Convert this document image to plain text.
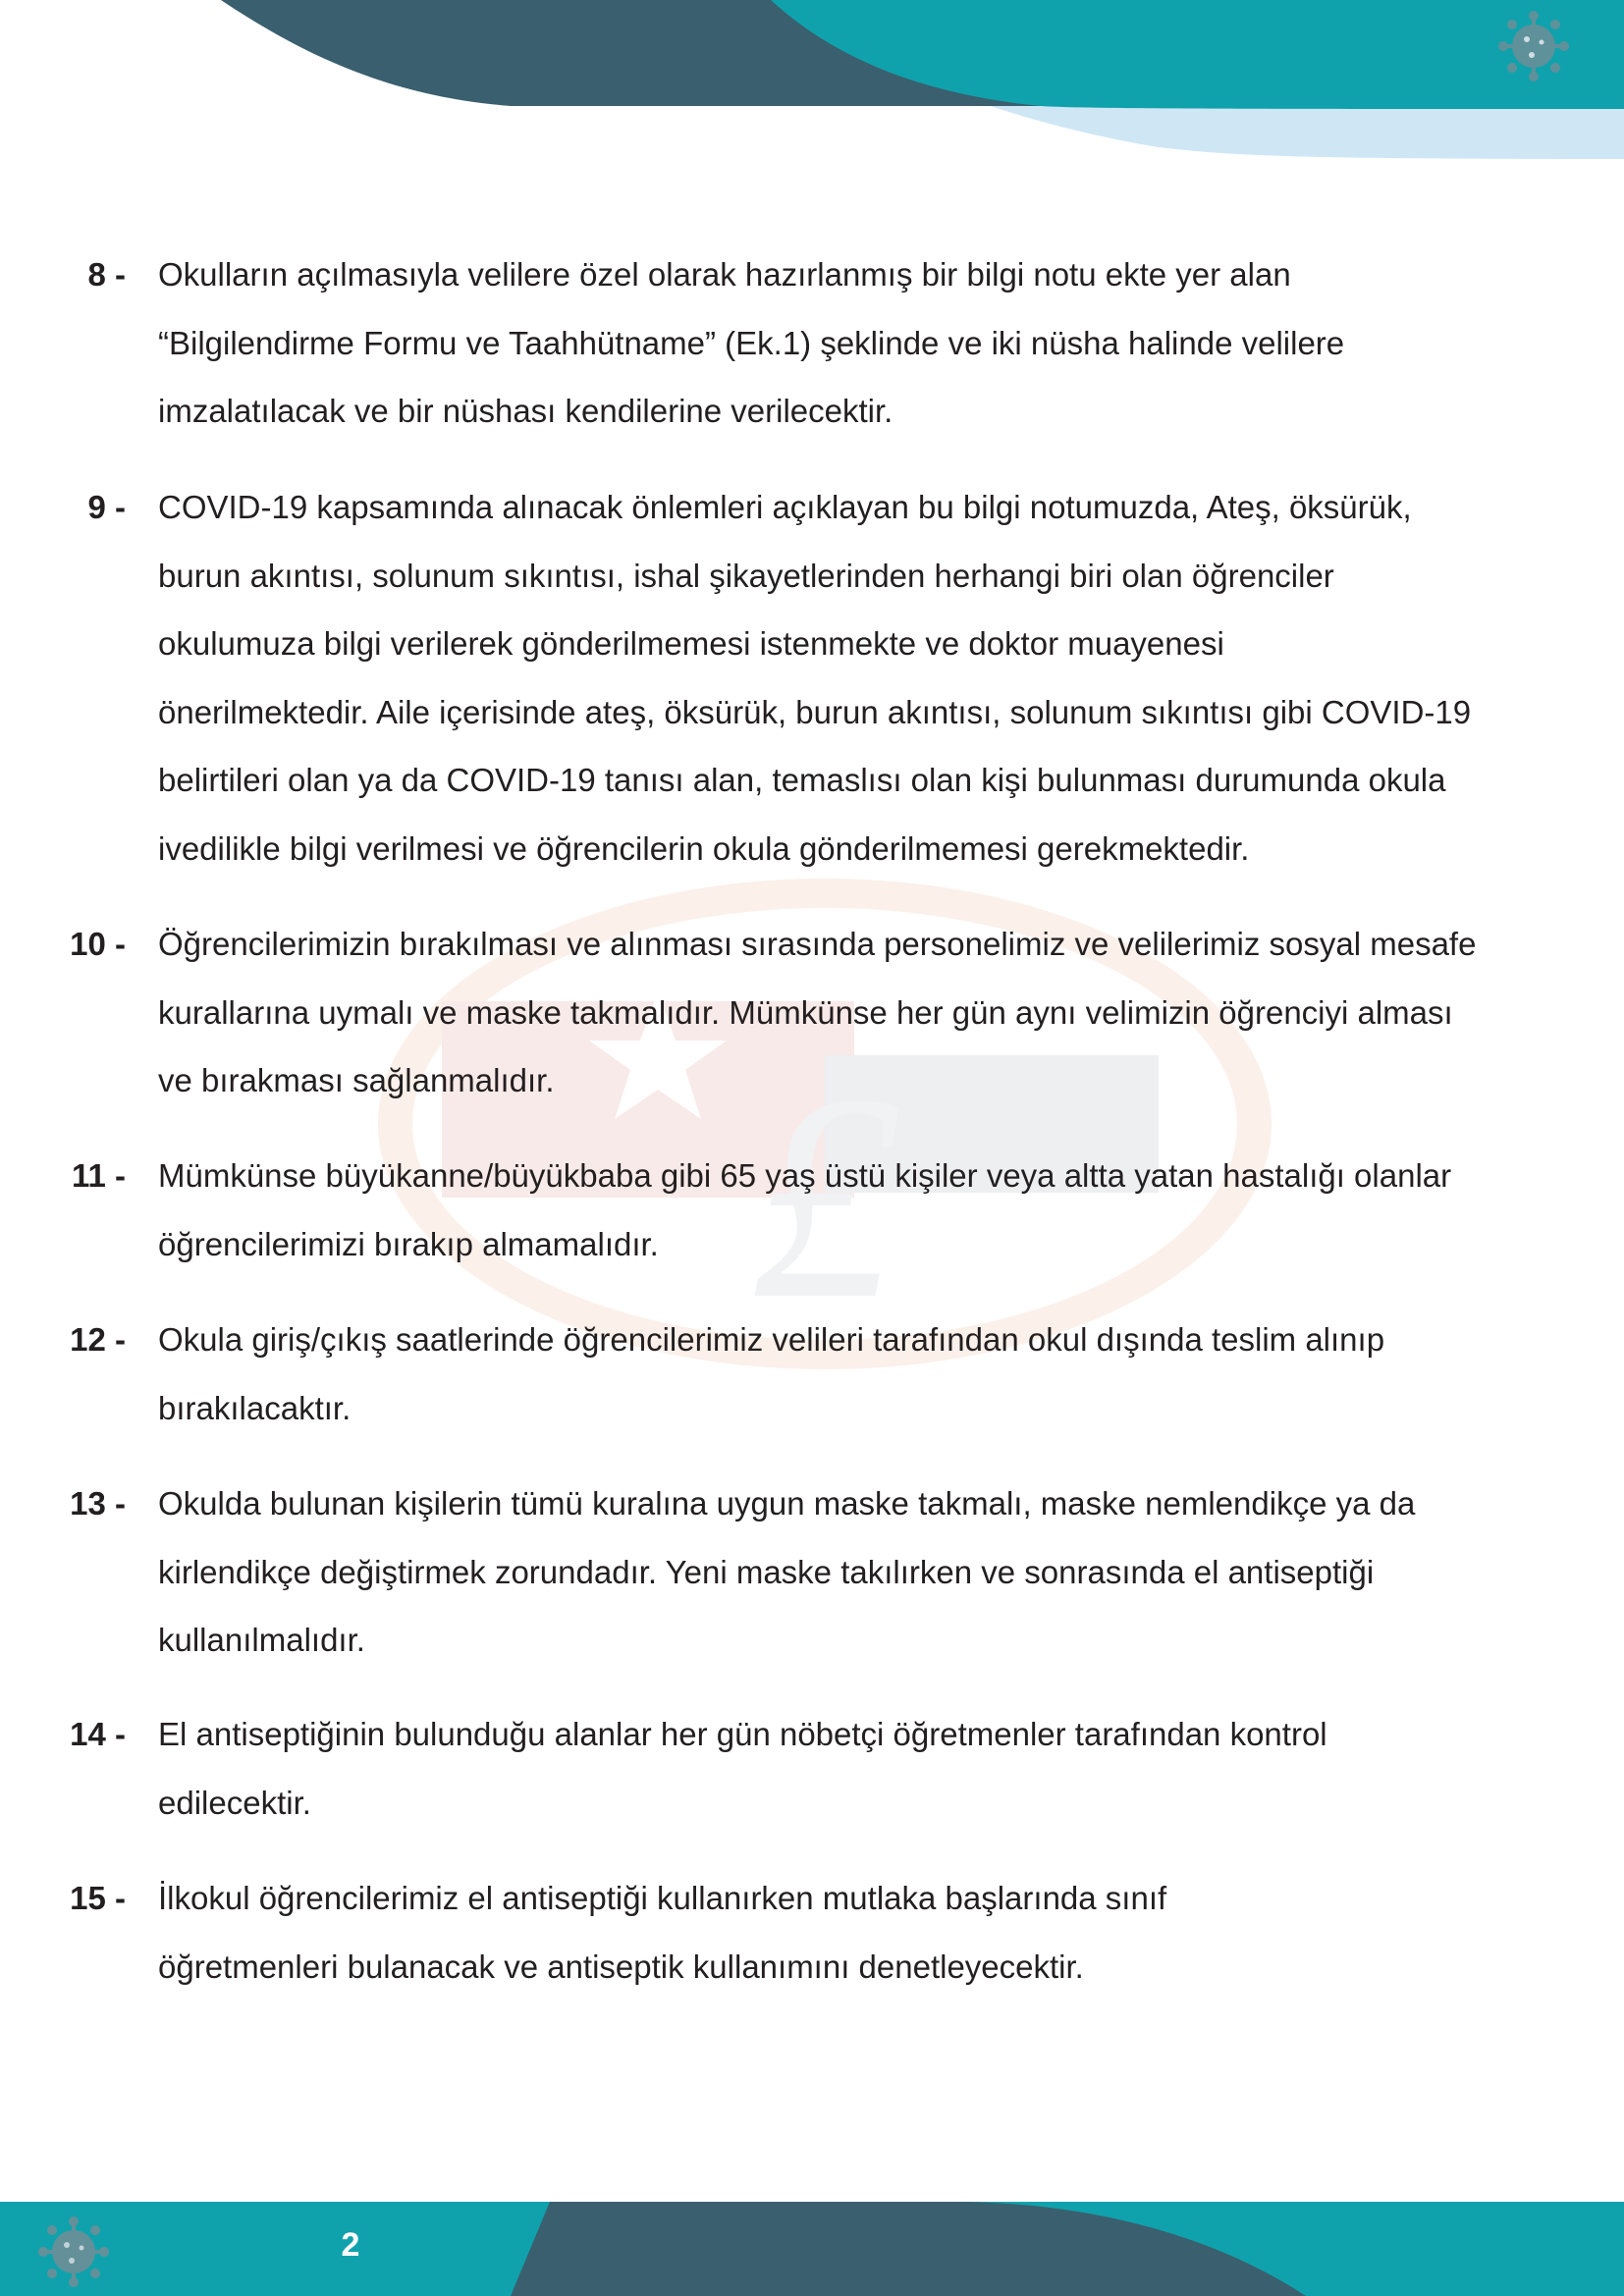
£
8 - Okulların açılmasıyla velilere özel olarak hazırlanmış bir bilgi notu ekte yer alan
“Bilgilendirme Formu ve Taahhütname” (Ek.1) şeklinde ve iki nüsha halinde velilere
imzalatılacak ve bir nüshası kendilerine verilecektir.
9 - COVID-19 kapsamında alınacak önlemleri açıklayan bu bilgi notumuzda, Ateş, öksürük,
burun akıntısı, solunum sıkıntısı, ishal şikayetlerinden herhangi biri olan öğrenciler
okulumuza bilgi verilerek gönderilmemesi istenmekte ve doktor muayenesi
önerilmektedir. Aile içerisinde ateş, öksürük, burun akıntısı, solunum sıkıntısı gibi COVID-19
belirtileri olan ya da COVID-19 tanısı alan, temaslısı olan kişi bulunması durumunda okula
ivedilikle bilgi verilmesi ve öğrencilerin okula gönderilmemesi gerekmektedir.
10 - Öğrencilerimizin bırakılması ve alınması sırasında personelimiz ve velilerimiz sosyal mesafe
kurallarına uymalı ve maske takmalıdır. Mümkünse her gün aynı velimizin öğrenciyi alması
ve bırakması sağlanmalıdır.
11 - Mümkünse büyükanne/büyükbaba gibi 65 yaş üstü kişiler veya altta yatan hastalığı olanlar
öğrencilerimizi bırakıp almamalıdır.
12 - Okula giriş/çıkış saatlerinde öğrencilerimiz velileri tarafından okul dışında teslim alınıp
bırakılacaktır.
13 - Okulda bulunan kişilerin tümü kuralına uygun maske takmalı, maske nemlendikçe ya da
kirlendikçe değiştirmek zorundadır. Yeni maske takılırken ve sonrasında el antiseptiği
kullanılmalıdır.
14 - El antiseptiğinin bulunduğu alanlar her gün nöbetçi öğretmenler tarafından kontrol
edilecektir.
15 - İlkokul öğrencilerimiz el antiseptiği kullanırken mutlaka başlarında sınıf
öğretmenleri bulanacak ve antiseptik kullanımını denetleyecektir.
2
